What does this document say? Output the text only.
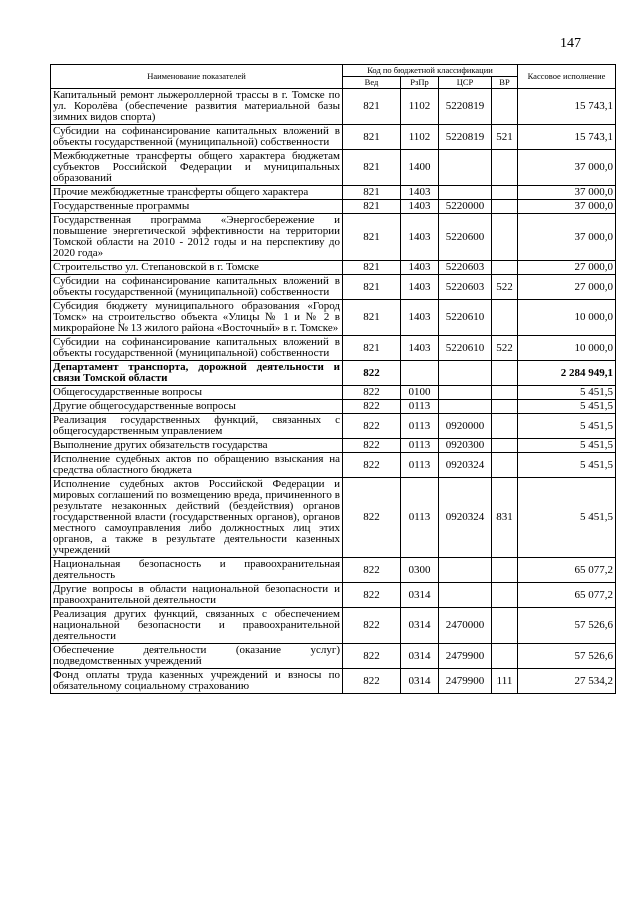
147
Наименование показателей	Код по бюджетной классификации				Кассовое исполнение
	Вед	РзПр	ЦСР	ВР	
Капитальный ремонт лыжероллерной трассы в г. Томске по ул. Королёва (обеспечение развития материальной базы зимних видов спорта)	821	1102	5220819		15 743,1
Субсидии на софинансирование капитальных вложений в объекты государственной (муниципальной) собственности	821	1102	5220819	521	15 743,1
Межбюджетные трансферты общего характера бюджетам субъектов Российской Федерации и муниципальных образований	821	1400			37 000,0
Прочие межбюджетные трансферты общего характера	821	1403			37 000,0
Государственные программы	821	1403	5220000		37 000,0
Государственная программа «Энергосбережение и повышение энергетической эффективности на территории Томской области на 2010 - 2012 годы и на перспективу до 2020 года»	821	1403	5220600		37 000,0
Строительство ул. Степановской в г. Томске	821	1403	5220603		27 000,0
Субсидии на софинансирование капитальных вложений в объекты государственной (муниципальной) собственности	821	1403	5220603	522	27 000,0
Субсидия бюджету муниципального образования «Город Томск» на строительство объекта «Улицы № 1 и № 2 в микрорайоне № 13 жилого района «Восточный» в г. Томске»	821	1403	5220610		10 000,0
Субсидии на софинансирование капитальных вложений в объекты государственной (муниципальной) собственности	821	1403	5220610	522	10 000,0
Департамент транспорта, дорожной деятельности и связи Томской области	822				2 284 949,1
Общегосударственные вопросы	822	0100			5 451,5
Другие общегосударственные вопросы	822	0113			5 451,5
Реализация государственных функций, связанных с общегосударственным управлением	822	0113	0920000		5 451,5
Выполнение других обязательств государства	822	0113	0920300		5 451,5
Исполнение судебных актов по обращению взыскания на средства областного бюджета	822	0113	0920324		5 451,5
Исполнение судебных актов Российской Федерации и мировых соглашений по возмещению вреда, причиненного в результате незаконных действий (бездействия) органов государственной власти (государственных органов), органов местного самоуправления либо должностных лиц этих органов, а также в результате деятельности казенных учреждений	822	0113	0920324	831	5 451,5
Национальная безопасность и правоохранительная деятельность	822	0300			65 077,2
Другие вопросы в области национальной безопасности и правоохранительной деятельности	822	0314			65 077,2
Реализация других функций, связанных с обеспечением национальной безопасности и правоохранительной деятельности	822	0314	2470000		57 526,6
Обеспечение деятельности (оказание услуг) подведомственных учреждений	822	0314	2479900		57 526,6
Фонд оплаты труда казенных учреждений и взносы по обязательному социальному страхованию	822	0314	2479900	111	27 534,2
